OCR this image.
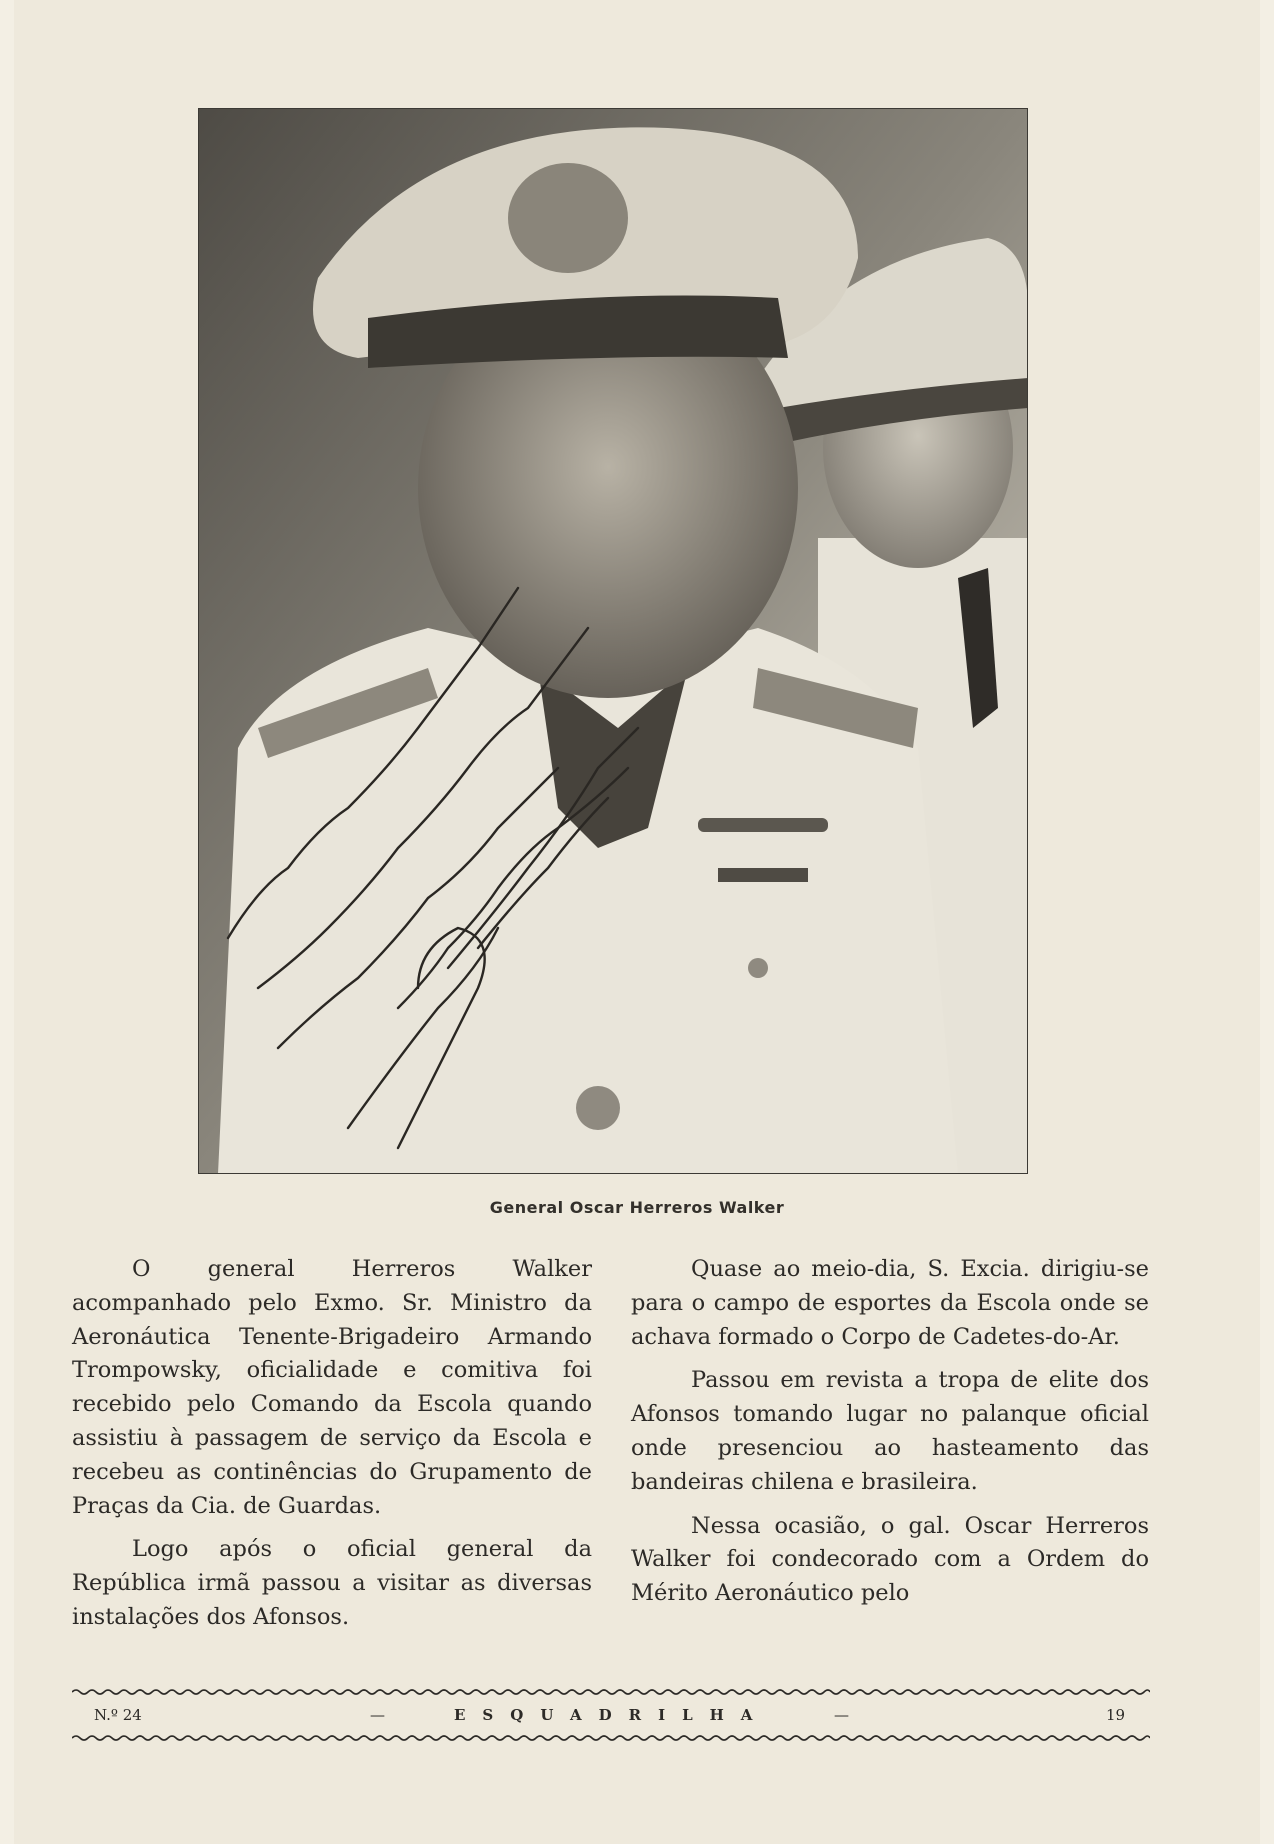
General Oscar Herreros Walker

O general Herreros Walker acompanhado pelo Exmo. Sr. Ministro da Aeronáutica Tenente-Brigadeiro Armando Trompowsky, oficialidade e comitiva foi recebido pelo Comando da Escola quando assistiu à passagem de serviço da Escola e recebeu as continências do Grupamento de Praças da Cia. de Guardas.

Logo após o oficial general da República irmã passou a visitar as diversas instalações dos Afonsos.

Quase ao meio-dia, S. Excia. dirigiu-se para o campo de esportes da Escola onde se achava formado o Corpo de Cadetes-do-Ar.

Passou em revista a tropa de elite dos Afonsos tomando lugar no palanque oficial onde presenciou ao hasteamento das bandeiras chilena e brasileira.

Nessa ocasião, o gal. Oscar Herreros Walker foi condecorado com a Ordem do Mérito Aeronáutico pelo

N.º 24	—	ESQUADRILHA	—	19
